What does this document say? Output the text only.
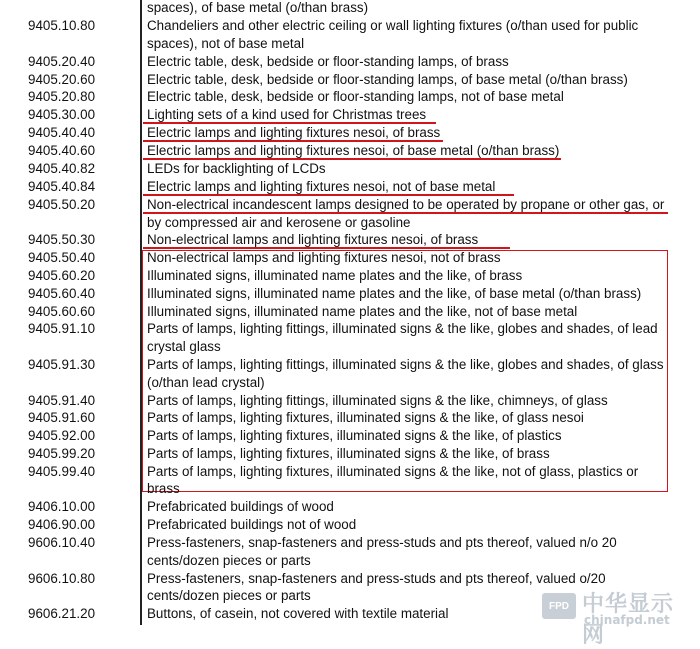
spaces), of base metal (o/than brass)
9405.10.80	Chandeliers and other electric ceiling or wall lighting fixtures (o/than used for public
spaces), not of base metal
9405.20.40	Electric table, desk, bedside or floor-standing lamps, of brass
9405.20.60	Electric table, desk, bedside or floor-standing lamps, of base metal (o/than brass)
9405.20.80	Electric table, desk, bedside or floor-standing lamps, not of base metal
9405.30.00	Lighting sets of a kind used for Christmas trees
9405.40.40	Electric lamps and lighting fixtures nesoi, of brass
9405.40.60	Electric lamps and lighting fixtures nesoi, of base metal (o/than brass)
9405.40.82	LEDs for backlighting of LCDs
9405.40.84	Electric lamps and lighting fixtures nesoi, not of base metal
9405.50.20	Non-electrical incandescent lamps designed to be operated by propane or other gas, or
by compressed air and kerosene or gasoline
9405.50.30	Non-electrical lamps and lighting fixtures nesoi, of brass
9405.50.40	Non-electrical lamps and lighting fixtures nesoi, not of brass
9405.60.20	Illuminated signs, illuminated name plates and the like, of brass
9405.60.40	Illuminated signs, illuminated name plates and the like, of base metal (o/than brass)
9405.60.60	Illuminated signs, illuminated name plates and the like, not of base metal
9405.91.10	Parts of lamps, lighting fittings, illuminated signs & the like, globes and shades, of lead
crystal glass
9405.91.30	Parts of lamps, lighting fittings, illuminated signs & the like, globes and shades, of glass
(o/than lead crystal)
9405.91.40	Parts of lamps, lighting fittings, illuminated signs & the like, chimneys, of glass
9405.91.60	Parts of lamps, lighting fixtures, illuminated signs & the like, of glass nesoi
9405.92.00	Parts of lamps, lighting fixtures, illuminated signs & the like, of plastics
9405.99.20	Parts of lamps, lighting fixtures, illuminated signs & the like, of brass
9405.99.40	Parts of lamps, lighting fixtures, illuminated signs & the like, not of glass, plastics or
brass
9406.10.00	Prefabricated buildings of wood
9406.90.00	Prefabricated buildings not of wood
9606.10.40	Press-fasteners, snap-fasteners and press-studs and pts thereof, valued n/o 20
cents/dozen pieces or parts
9606.10.80	Press-fasteners, snap-fasteners and press-studs and pts thereof, valued o/20
cents/dozen pieces or parts
9606.21.20	Buttons, of casein, not covered with textile material	FPD 中华显示网
chinafpd.net
